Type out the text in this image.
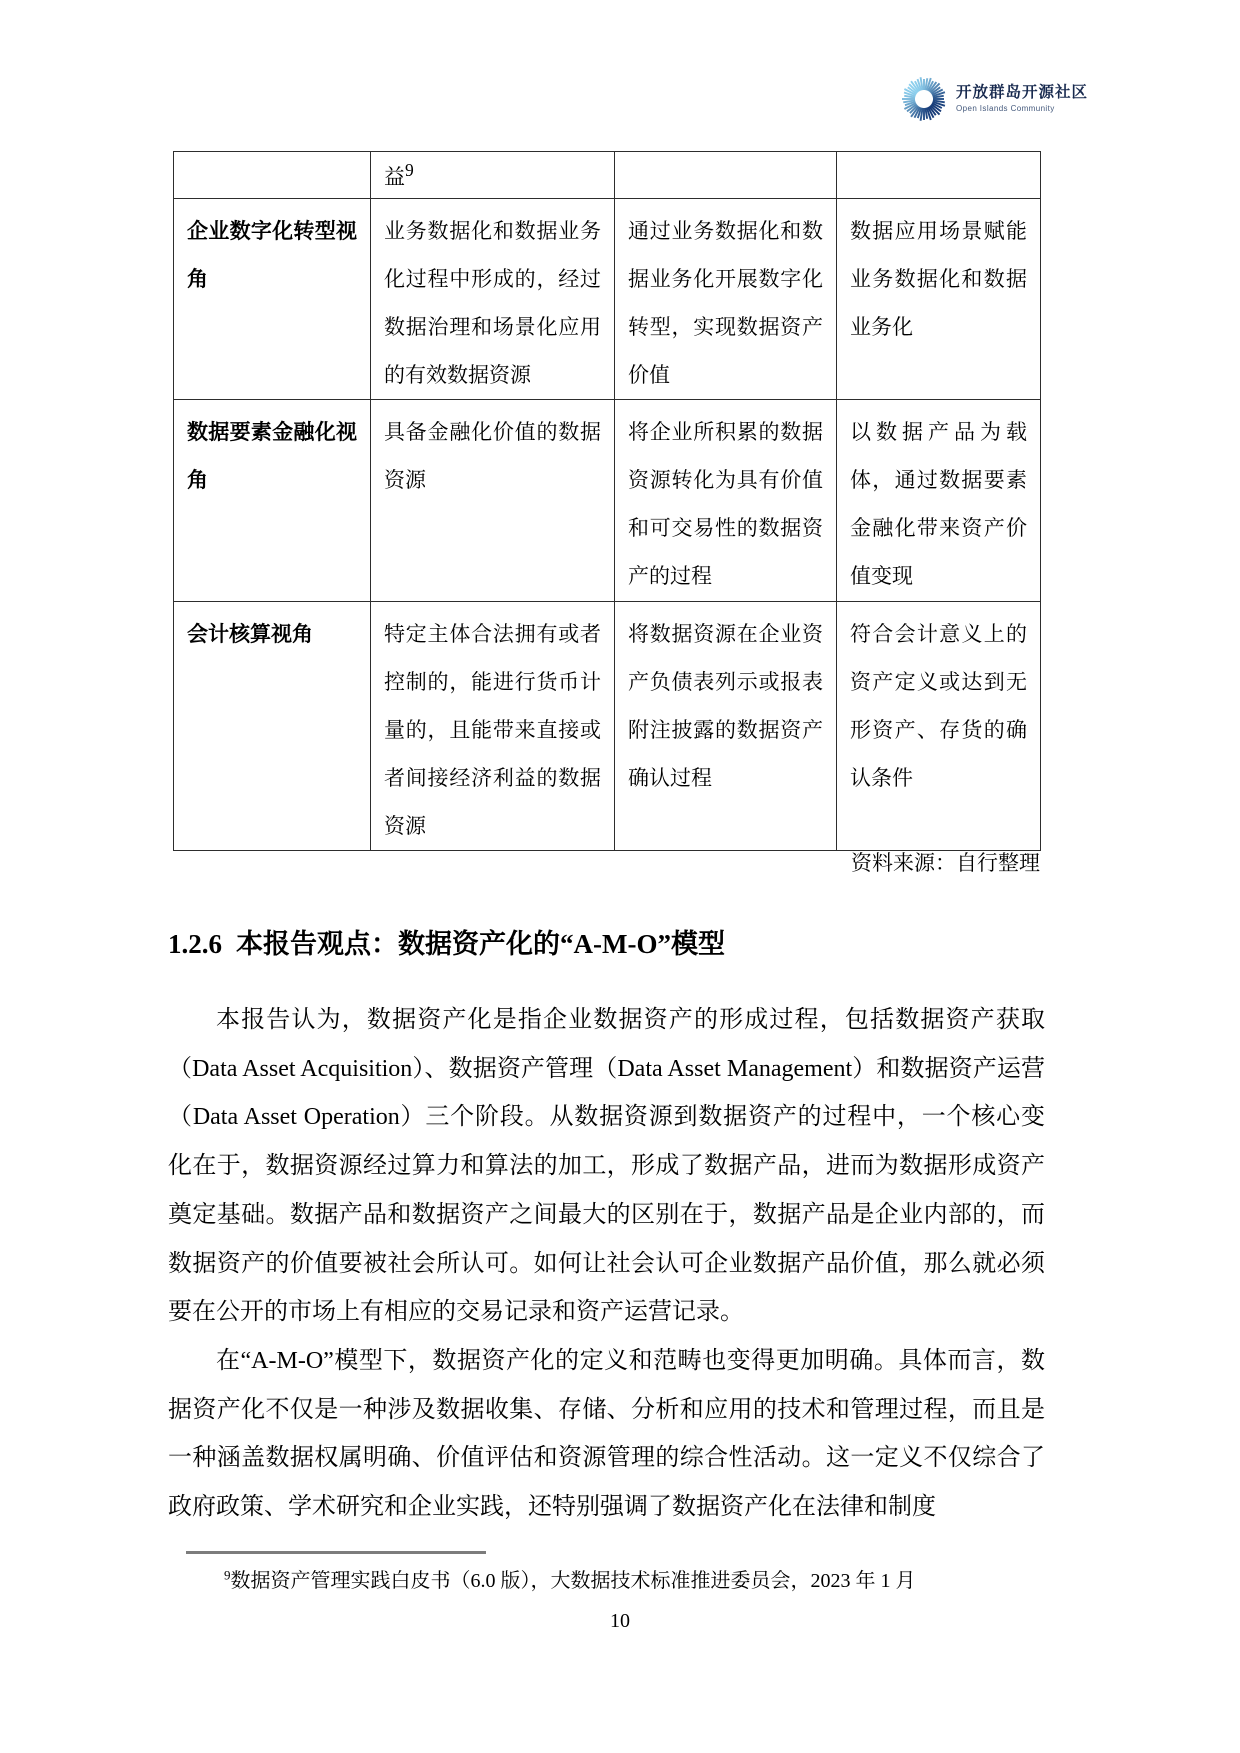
开放群岛开源社区
Open Islands Community
	益$^9$		
企业数字化转型视角	业务数据化和数据业务化过程中形成的，经过数据治理和场景化应用的有效数据资源	通过业务数据化和数据业务化开展数字化转型，实现数据资产价值	数据应用场景赋能业务数据化和数据业务化
数据要素金融化视角	具备金融化价值的数据资源	将企业所积累的数据资源转化为具有价值和可交易性的数据资产的过程	以数据产品为载体，通过数据要素金融化带来资产价值变现
会计核算视角	特定主体合法拥有或者控制的，能进行货币计量的，且能带来直接或者间接经济利益的数据资源	将数据资源在企业资产负债表列示或报表附注披露的数据资产确认过程	符合会计意义上的资产定义或达到无形资产、存货的确认条件
资料来源：自行整理
1.2.6 本报告观点：数据资产化的“A-M-O”模型

本报告认为，数据资产化是指企业数据资产的形成过程，包括数据资产获取（Data Asset Acquisition）、数据资产管理（Data Asset Management）和数据资产运营（Data Asset Operation）三个阶段。从数据资源到数据资产的过程中，一个核心变化在于，数据资源经过算力和算法的加工，形成了数据产品，进而为数据形成资产奠定基础。数据产品和数据资产之间最大的区别在于，数据产品是企业内部的，而数据资产的价值要被社会所认可。如何让社会认可企业数据产品价值，那么就必须要在公开的市场上有相应的交易记录和资产运营记录。

在“A-M-O”模型下，数据资产化的定义和范畴也变得更加明确。具体而言，数据资产化不仅是一种涉及数据收集、存储、分析和应用的技术和管理过程，而且是一种涵盖数据权属明确、价值评估和资源管理的综合性活动。这一定义不仅综合了政府政策、学术研究和企业实践，还特别强调了数据资产化在法律和制度

$^9$数据资产管理实践白皮书（6.0 版），大数据技术标准推进委员会，2023 年 1 月
10
